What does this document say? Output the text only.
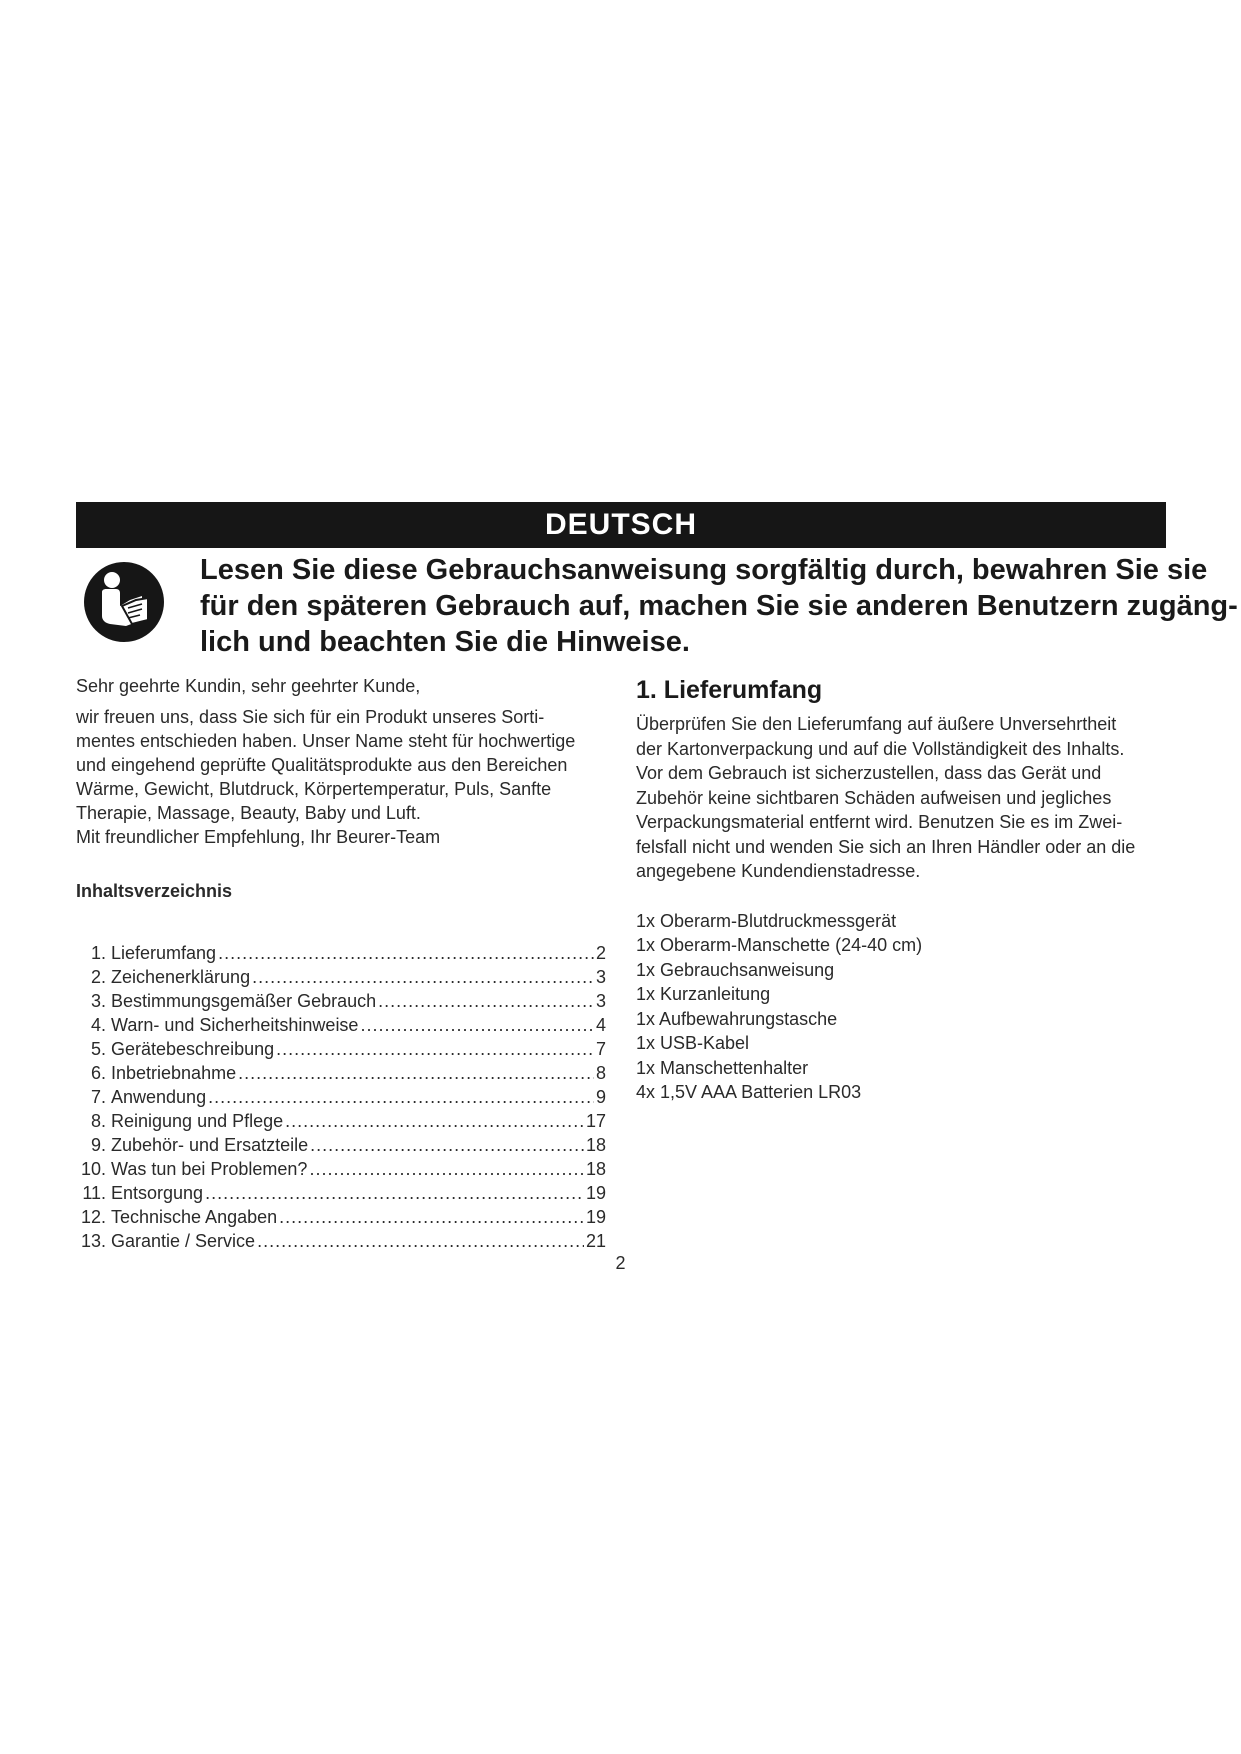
DEUTSCH
Lesen Sie diese Gebrauchsanweisung sorgfältig durch, bewahren Sie sie
für den späteren Gebrauch auf, machen Sie sie anderen Benutzern zugäng-
lich und beachten Sie die Hinweise.
Sehr geehrte Kundin, sehr geehrter Kunde,
wir freuen uns, dass Sie sich für ein Produkt unseres Sorti-
mentes entschieden haben. Unser Name steht für hochwertige
und eingehend geprüfte Qualitätsprodukte aus den Bereichen
Wärme, Gewicht, Blutdruck, Körpertemperatur, Puls, Sanfte
Therapie, Massage, Beauty, Baby und Luft.
Mit freundlicher Empfehlung, Ihr Beurer-Team
Inhaltsverzeichnis
1. Lieferumfang .....	2
2. Zeichenerklärung .....	3
3. Bestimmungsgemäßer Gebrauch .....	3
4. Warn- und Sicherheitshinweise .....	4
5. Gerätebeschreibung .....	7
6. Inbetriebnahme .....	8
7. Anwendung .....	9
8. Reinigung und Pflege .....	17
9. Zubehör- und Ersatzteile .....	18
10. Was tun bei Problemen? .....	18
11. Entsorgung .....	19
12. Technische Angaben .....	19
13. Garantie / Service .....	21
1. Lieferumfang
Überprüfen Sie den Lieferumfang auf äußere Unversehrtheit
der Kartonverpackung und auf die Vollständigkeit des Inhalts.
Vor dem Gebrauch ist sicherzustellen, dass das Gerät und
Zubehör keine sichtbaren Schäden aufweisen und jegliches
Verpackungsmaterial entfernt wird. Benutzen Sie es im Zwei-
felsfall nicht und wenden Sie sich an Ihren Händler oder an die
angegebene Kundendienstadresse.
1x Oberarm-Blutdruckmessgerät
1x Oberarm-Manschette (24-40 cm)
1x Gebrauchsanweisung
1x Kurzanleitung
1x Aufbewahrungstasche
1x USB-Kabel
1x Manschettenhalter
4x 1,5V AAA Batterien LR03
2
